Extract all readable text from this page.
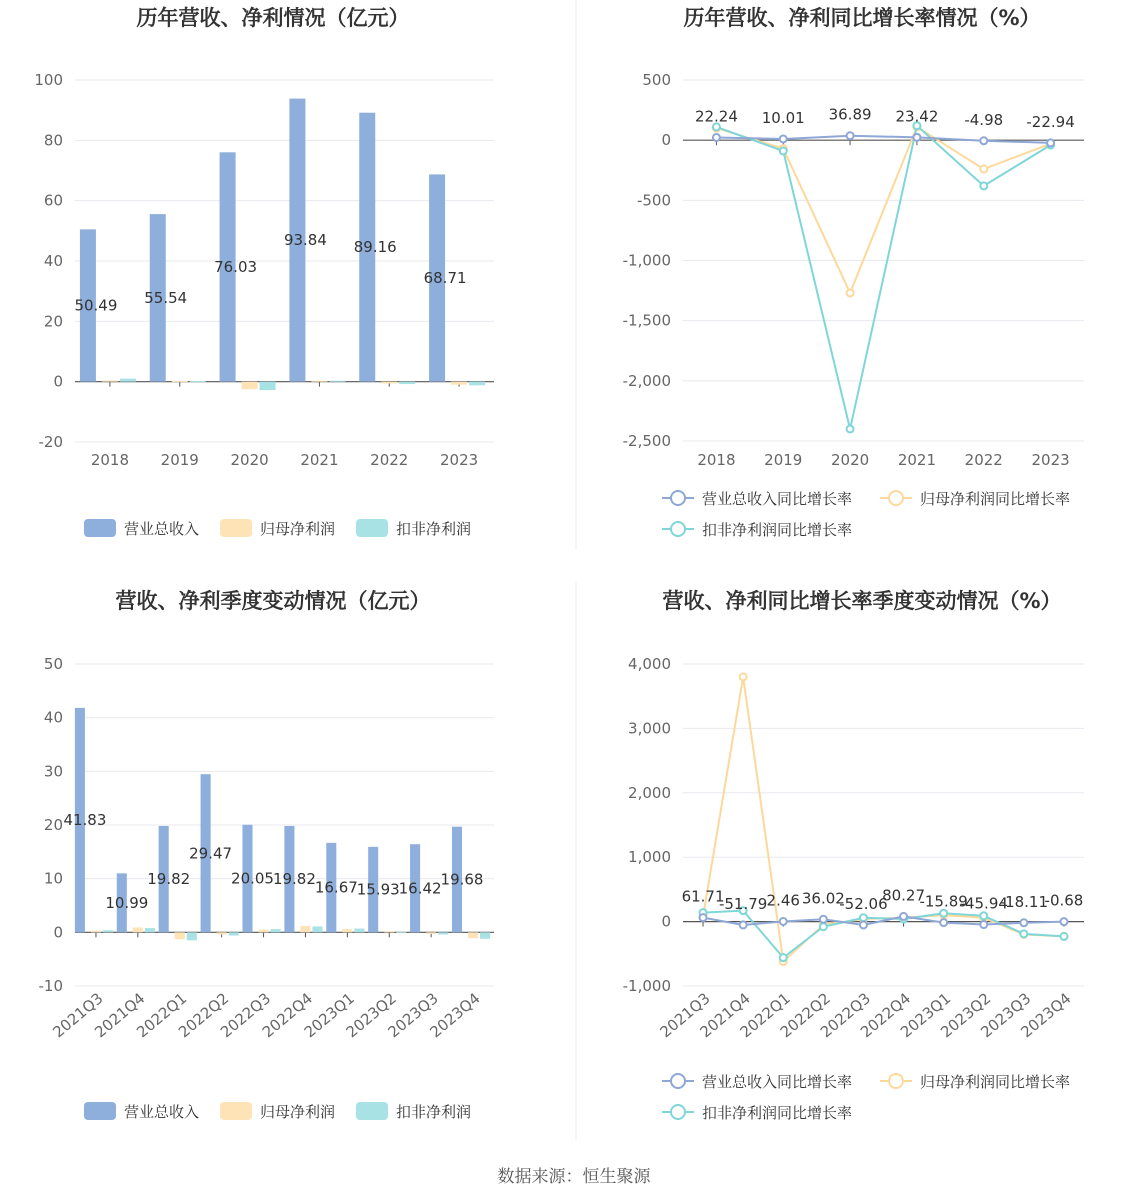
历年营收、净利情况（亿元）
-20
0
20
40
60
80
100
2018 2019 2020 2021 2022 2023
50.49 55.54
76.03
93.84 89.16
68.71
营业总收入	归母净利润	扣非净利润
历年营收、净利同比增长率情况（%）
-2,500
-2,000
-1,500
-1,000
-500
0
500
2018 2019 2020 2021 2022 2023
22.24 10.01 36.89 23.42 -4.98 -22.94
营业总收入同比增长率	归母净利润同比增长率
扣非净利润同比增长率
营收、净利季度变动情况（亿元）
-10
0
10
20
30
40
50
2021Q3
2021Q4
2022Q1
2022Q2
2022Q3
2022Q4
2023Q1
2023Q2
2023Q3
2023Q4
41.83
10.99
19.82
29.47
20.05
19.82
16.67
15.93
16.42
19.68
营业总收入	归母净利润	扣非净利润
营收、净利同比增长率季度变动情况（%）
-1,000
0
1,000
2,000
3,000
4,000
2021Q3
2021Q4
2022Q1
2022Q2
2022Q3
2022Q4
2023Q1
2023Q2
2023Q3
2023Q4
61.71
-51.79 2.46 36.02
-52.06
80.27
-15.89
-45.94
-18.11
-0.68
营业总收入同比增长率	归母净利润同比增长率
扣非净利润同比增长率
数据来源：恒生聚源
